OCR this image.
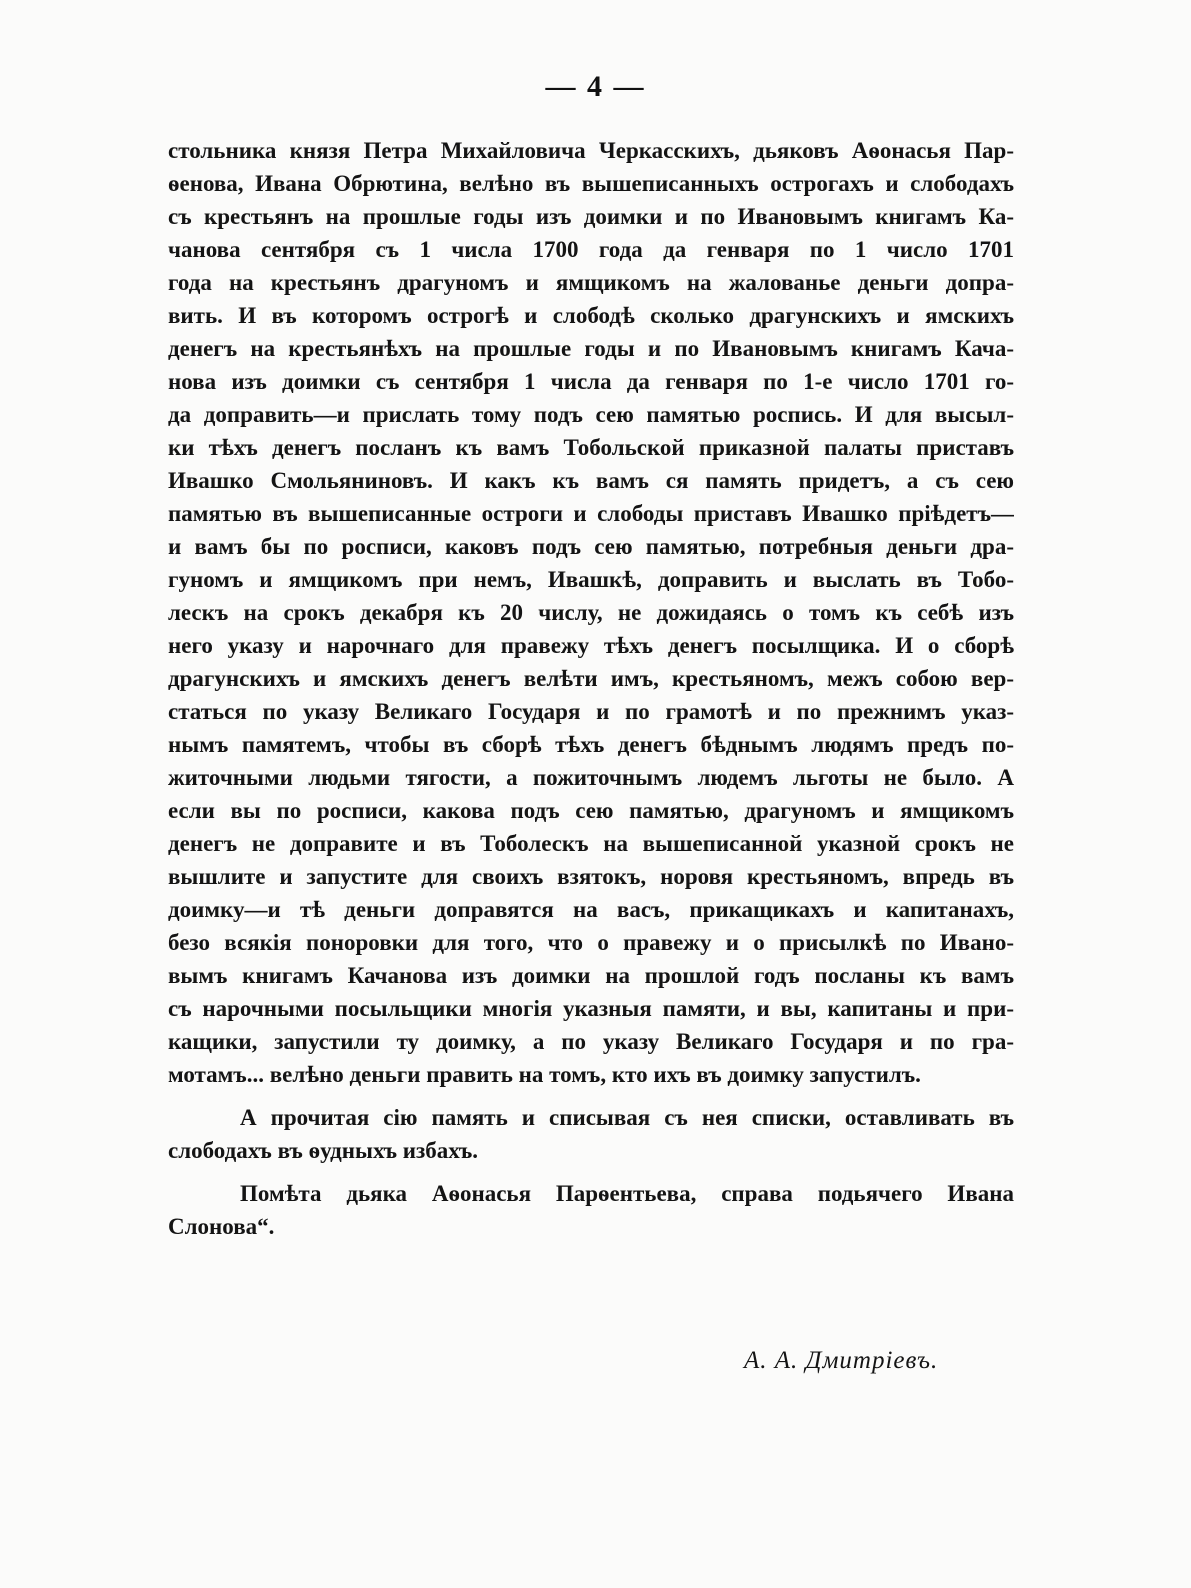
— 4 —
стольника князя Петра Михайловича Черкасскихъ, дьяковъ Аѳонасья Пар-
ѳенова, Ивана Обрютина, велѣно въ вышеписанныхъ острогахъ и слободахъ
съ крестьянъ на прошлые годы изъ доимки и по Ивановымъ книгамъ Ка-
чанова сентября съ 1 числа 1700 года да генваря по 1 число 1701
года на крестьянъ драгуномъ и ямщикомъ на жалованье деньги допра-
вить. И въ которомъ острогѣ и слободѣ сколько драгунскихъ и ямскихъ
денегъ на крестьянѣхъ на прошлые годы и по Ивановымъ книгамъ Кача-
нова изъ доимки съ сентября 1 числа да генваря по 1-е число 1701 го-
да доправить—и прислать тому подъ сею памятью роспись. И для высыл-
ки тѣхъ денегъ посланъ къ вамъ Тобольской приказной палаты приставъ
Ивашко Смольяниновъ. И какъ къ вамъ ся память придетъ, а съ сею
памятью въ вышеписанные остроги и слободы приставъ Ивашко пріѣдетъ—
и вамъ бы по росписи, каковъ подъ сею памятью, потребныя деньги дра-
гуномъ и ямщикомъ при немъ, Ивашкѣ, доправить и выслать въ Тобо-
лескъ на срокъ декабря къ 20 числу, не дожидаясь о томъ къ себѣ изъ
него указу и нарочнаго для правежу тѣхъ денегъ посылщика. И о сборѣ
драгунскихъ и ямскихъ денегъ велѣти имъ, крестьяномъ, межъ собою вер-
статься по указу Великаго Государя и по грамотѣ и по прежнимъ указ-
нымъ памятемъ, чтобы въ сборѣ тѣхъ денегъ бѣднымъ людямъ предъ по-
житочными людьми тягости, а пожиточнымъ людемъ льготы не было. А
если вы по росписи, какова подъ сею памятью, драгуномъ и ямщикомъ
денегъ не доправите и въ Тоболескъ на вышеписанной указной срокъ не
вышлите и запустите для своихъ взятокъ, норовя крестьяномъ, впредь въ
доимку—и тѣ деньги доправятся на васъ, прикащикахъ и капитанахъ,
безо всякія поноровки для того, что о правежу и о присылкѣ по Ивано-
вымъ книгамъ Качанова изъ доимки на прошлой годъ посланы къ вамъ
съ нарочными посыльщики многія указныя памяти, и вы, капитаны и при-
кащики, запустили ту доимку, а по указу Великаго Государя и по гра-
мотамъ... велѣно деньги править на томъ, кто ихъ въ доимку запустилъ.
А прочитая сію память и списывая съ нея списки, оставливать въ
слободахъ въ ѳудныхъ избахъ.
Помѣта дьяка Аѳонасья Парѳентьева, справа подьячего Ивана
Слонова“.
А. А. Дмитріевъ.
